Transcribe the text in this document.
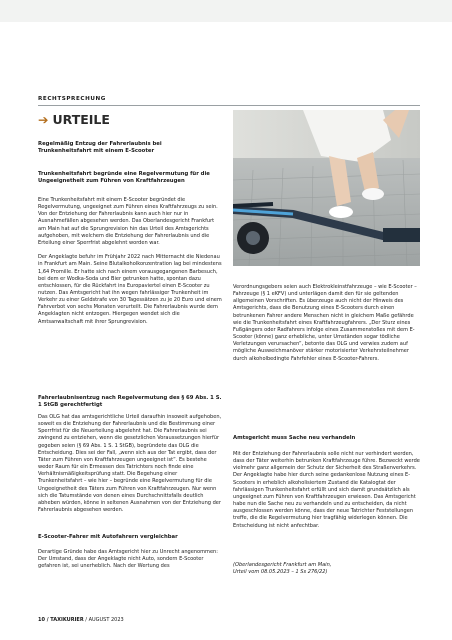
RECHTSPRECHUNG
➔ URTEILE
Regelmäßig Entzug der Fahrerlaubnis bei Trunkenheitsfahrt mit einem E-Scooter
Trunkenheitsfahrt begründe eine Regelvermutung für die Ungeeignetheit zum Führen von Kraftfahrzeugen

Eine Trunkenheitsfahrt mit einem E-Scooter begründet die Regelvermutung, ungeeignet zum Führen eines Kraftfahrzeugs zu sein. Von der Entziehung der Fahrerlaubnis kann auch hier nur in Ausnahmefällen abgesehen werden. Das Oberlandesgericht Frankfurt am Main hat auf die Sprungrevision hin das Urteil des Amtsgerichts aufgehoben, mit welchem die Entziehung der Fahrerlaubnis und die Erteilung einer Sperrfrist abgelehnt worden war.

Der Angeklagte befuhr im Frühjahr 2022 nach Mitternacht die Niedenau in Frankfurt am Main. Seine Blutalkoholkonzentration lag bei mindestens 1,64 Promille. Er hatte sich nach einem vorausgegangenen Barbesuch, bei dem er Wodka-Soda und Bier getrunken hatte, spontan dazu entschlossen, für die Rückfahrt ins Europaviertel einen E-Scooter zu nutzen. Das Amtsgericht hat ihn wegen fahrlässiger Trunkenheit im Verkehr zu einer Geldstrafe von 30 Tagessätzen zu je 20 Euro und einem Fahrverbot von sechs Monaten verurteilt. Die Fahrerlaubnis wurde dem Angeklagten nicht entzogen. Hiergegen wendet sich die Amtsanwaltschaft mit ihrer Sprungrevision.

Fahrerlaubnisentzug nach Regelvermutung des § 69 Abs. 1 S. 1 StGB gerechtfertigt

Das OLG hat das amtsgerichtliche Urteil daraufhin insoweit aufgehoben, soweit es die Entziehung der Fahrerlaubnis und die Bestimmung einer Sperrfrist für die Neuerteilung abgelehnt hat. Die Fahrerlaubnis sei zwingend zu entziehen, wenn die gesetzlichen Voraussetzungen hierfür gegeben seien (§ 69 Abs. 1 S. 1 StGB), begründete das OLG die Entscheidung. Dies sei der Fall, „wenn sich aus der Tat ergibt, dass der Täter zum Führen von Kraftfahrzeugen ungeeignet ist“. Es bestehe weder Raum für ein Ermessen des Tatrichters noch finde eine Verhältnismäßigkeitsprüfung statt. Die Begehung einer Trunkenheitsfahrt – wie hier – begründe eine Regelvermutung für die Ungeeignetheit des Täters zum Führen von Kraftfahrzeugen. Nur wenn sich die Tatumstände von denen eines Durchschnittsfalls deutlich abheben würden, könne in seltenen Ausnahmen von der Entziehung der Fahrerlaubnis abgesehen werden.

E-Scooter-Fahrer mit Autofahrern vergleichbar

Derartige Gründe habe das Amtsgericht hier zu Unrecht angenommen: Der Umstand, dass der Angeklagte nicht Auto, sondern E-Scooter gefahren ist, sei unerheblich. Nach der Wertung des

Verordnungsgebers seien auch Elektrokleinstfahrzeuge – wie E-Scooter – Fahrzeuge (§ 1 eKFV) und unterlägen damit den für sie geltenden allgemeinen Vorschriften. Es überzeuge auch nicht der Hinweis des Amtsgerichts, dass die Benutzung eines E-Scooters durch einen betrunkenen Fahrer andere Menschen nicht in gleichem Maße gefährde wie die Trunkenheitsfahrt eines Kraftfahrzeugfahrers. „Der Sturz eines Fußgängers oder Radfahrers infolge eines Zusammenstoßes mit dem E-Scooter (könne) ganz erhebliche, unter Umständen sogar tödliche Verletzungen verursachen“, betonte das OLG und verwies zudem auf mögliche Ausweichmanöver stärker motorisierter Verkehrsteilnehmer durch alkoholbedingte Fahrfehler eines E-Scooter-Fahrers.

Amtsgericht muss Sache neu verhandeln

Mit der Entziehung der Fahrerlaubnis solle nicht nur verhindert werden, dass der Täter weiterhin betrunken Kraftfahrzeuge führe. Bezweckt werde vielmehr ganz allgemein der Schutz der Sicherheit des Straßenverkehrs. Der Angeklagte habe hier durch seine gedankenlose Nutzung eines E-Scooters in erheblich alkoholisiertem Zustand die Katalogtat der fahrlässigen Trunkenheitsfahrt erfüllt und sich damit grundsätzlich als ungeeignet zum Führen von Kraftfahrzeugen erwiesen. Das Amtsgericht habe nun die Sache neu zu verhandeln und zu entscheiden, da nicht ausgeschlossen werden könne, dass der neue Tatrichter Feststellungen treffe, die die Regelvermutung hier tragfähig widerlegen können. Die Entscheidung ist nicht anfechtbar.

(Oberlandesgericht Frankfurt am Main,
Urteil vom 08.05.2023 – 1 Ss 276/22)
10 / TAXIKURIER / AUGUST 2023
